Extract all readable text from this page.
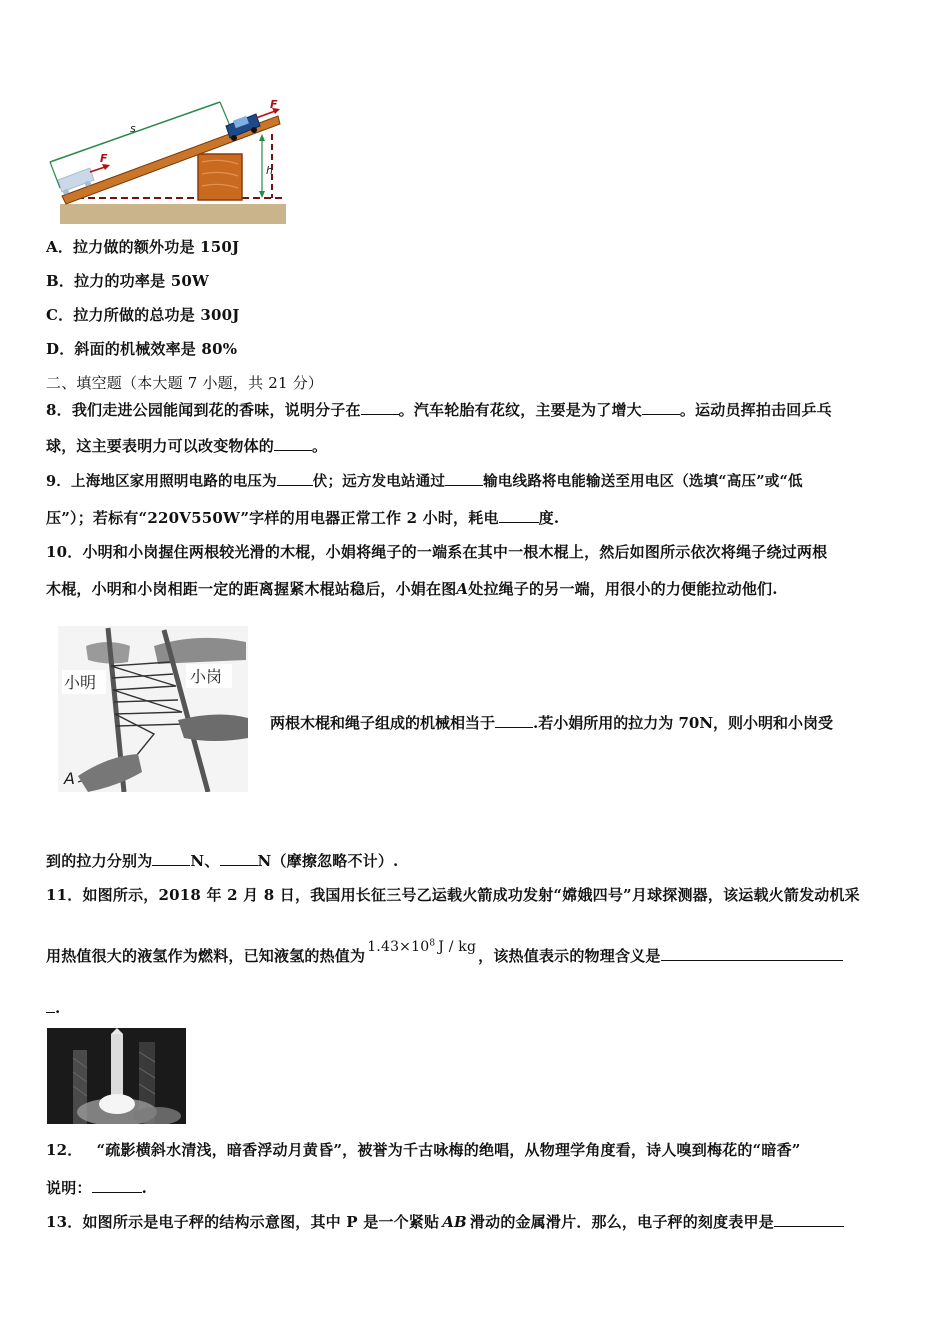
s
h
F
F
A．拉力做的额外功是 150J
B．拉力的功率是 50W
C．拉力所做的总功是 300J
D．斜面的机械效率是 80%
二、填空题（本大题 7 小题，共 21 分）
8．我们走进公园能闻到花的香味，说明分子在	。汽车轮胎有花纹，主要是为了增大	。运动员挥拍击回乒乓
球，这主要表明力可以改变物体的	。
9．上海地区家用照明电路的电压为 伏；远方发电站通过	输电线路将电能输送至用电区（选填“高压”或“低
压”）；若标有“220V550W”字样的用电器正常工作 2 小时，耗电	度.
10．小明和小岗握住两根较光滑的木棍，小娟将绳子的一端系在其中一根木棍上，然后如图所示依次将绳子绕过两根
木棍，小明和小岗相距一定的距离握紧木棍站稳后，小娟在图A处拉绳子的另一端，用很小的力便能拉动他们.
小明	小岗
A
两根木棍和绳子组成的机械相当于	.若小娟所用的拉力为 70N，则小明和小岗受
到的拉力分别为	N、	N（摩擦忽略不计）.
11．如图所示，2018 年 2 月 8 日，我国用长征三号乙运载火箭成功发射“嫦娥四号”月球探测器，该运载火箭发动机采
用热值很大的液氢作为燃料，已知液氢的热值为 $1.43\times 10^8$ J / kg ，该热值表示的物理含义是
.
12． “疏影横斜水清浅，暗香浮动月黄昏”，被誉为千古咏梅的绝唱，从物理学角度看，诗人嗅到梅花的“暗香”
说明：	.
13．如图所示是电子秤的结构示意图，其中 P 是一个紧贴 AB 滑动的金属滑片．那么，电子秤的刻度表甲是
